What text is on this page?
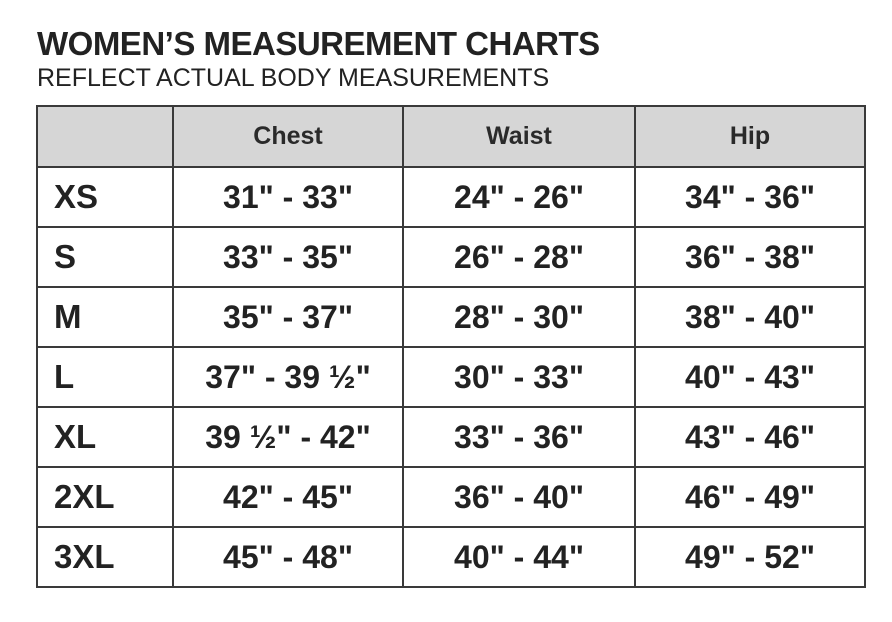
WOMEN’S MEASUREMENT CHARTS
REFLECT ACTUAL BODY MEASUREMENTS
	Chest	Waist	Hip
XS	31" - 33"	24" - 26"	34" - 36"
S	33" - 35"	26" - 28"	36" - 38"
M	35" - 37"	28" - 30"	38" - 40"
L	37" - 39 ½"	30" - 33"	40" - 43"
XL	39 ½" - 42"	33" - 36"	43" - 46"
2XL	42" - 45"	36" - 40"	46" - 49"
3XL	45" - 48"	40" - 44"	49" - 52"
